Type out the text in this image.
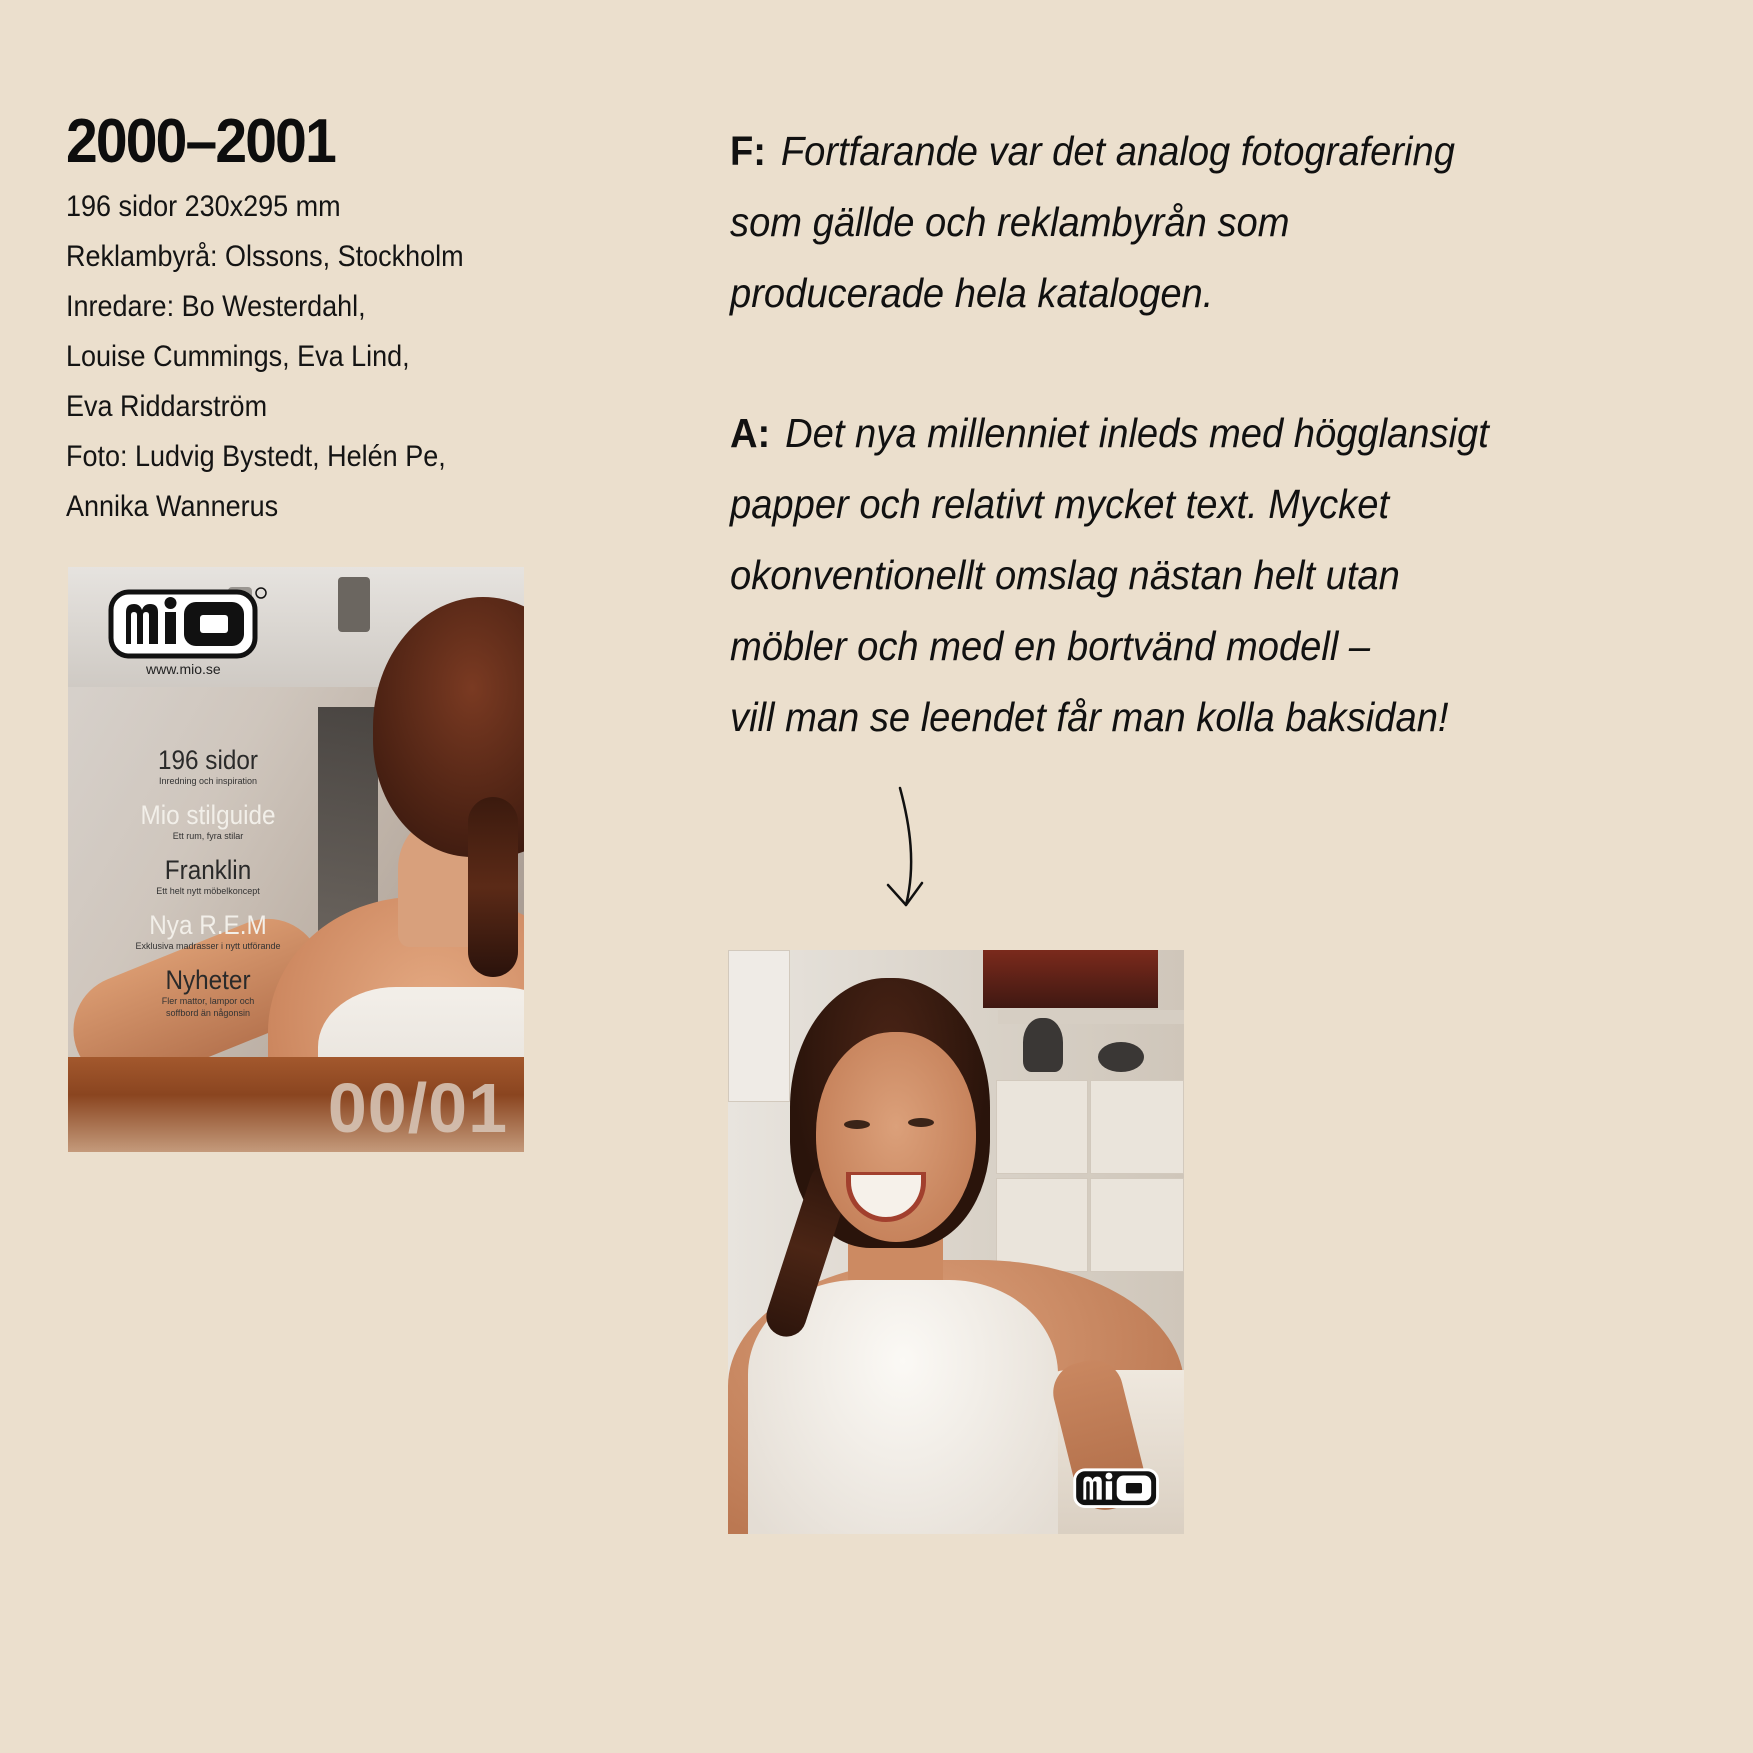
2000–2001
196 sidor 230x295 mm
Reklambyrå: Olssons, Stockholm
Inredare: Bo Westerdahl,
Louise Cummings, Eva Lind,
Eva Riddarström
Foto: Ludvig Bystedt, Helén Pe,
Annika Wannerus
www.mio.se
196 sidor
Inredning och inspiration
Mio stilguide
Ett rum, fyra stilar
Franklin
Ett helt nytt möbelkoncept
Nya R.E.M
Exklusiva madrasser i nytt utförande
Nyheter
Fler mattor, lampor och soffbord än någonsin
00/01
F: Fortfarande var det analog fotografering
som gällde och reklambyrån som
producerade hela katalogen.
A: Det nya millenniet inleds med högglansigt
papper och relativt mycket text. Mycket
okonventionellt omslag nästan helt utan
möbler och med en bortvänd modell –
vill man se leendet får man kolla baksidan!
